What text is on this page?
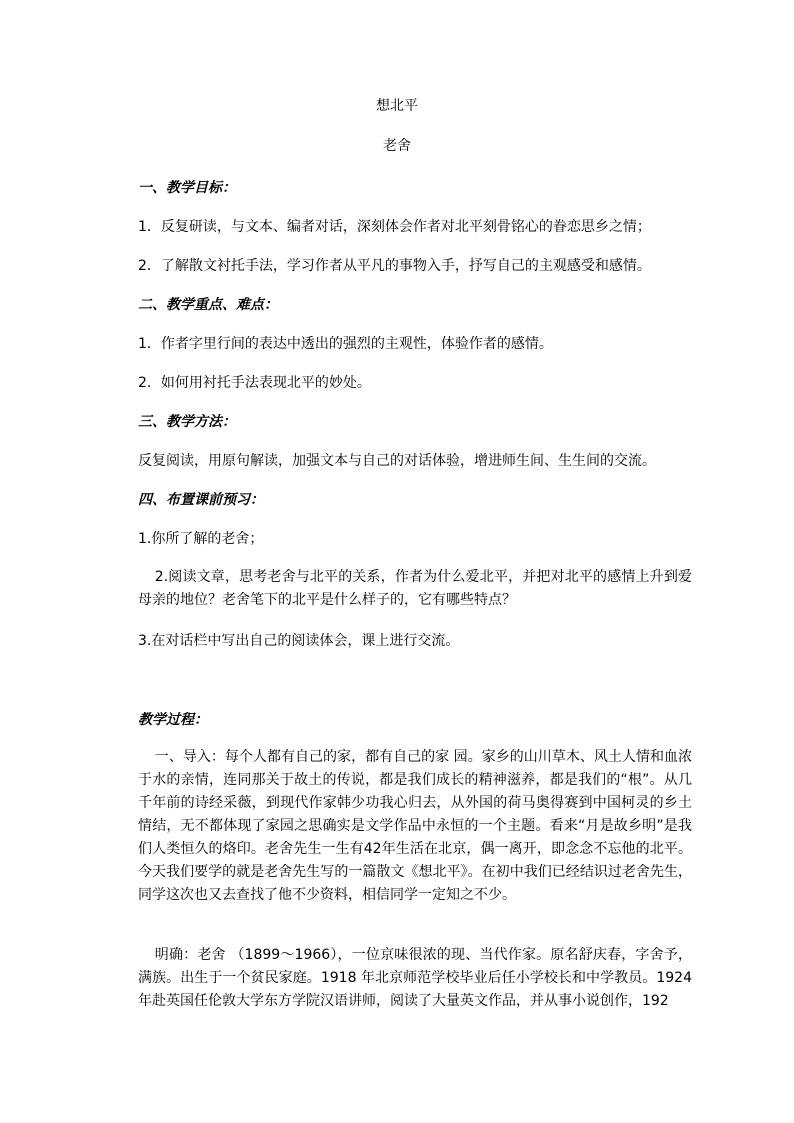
想北平
老舍
一、教学目标：
1．反复研读，与文本、编者对话，深刻体会作者对北平刻骨铭心的眷恋思乡之情；
2．了解散文衬托手法，学习作者从平凡的事物入手，抒写自己的主观感受和感情。
二、教学重点、难点：
1．作者字里行间的表达中透出的强烈的主观性，体验作者的感情。
2．如何用衬托手法表现北平的妙处。
三、教学方法：
反复阅读，用原句解读，加强文本与自己的对话体验，增进师生间、生生间的交流。
四、布置课前预习：
1.你所了解的老舍；
2.阅读文章，思考老舍与北平的关系，作者为什么爱北平，并把对北平的感情上升到爱母亲的地位？老舍笔下的北平是什么样子的，它有哪些特点？
3.在对话栏中写出自己的阅读体会，课上进行交流。
教学过程：
一、导入：每个人都有自己的家，都有自己的家 园。家乡的山川草木、风土人情和血浓于水的亲情，连同那关于故土的传说，都是我们成长的精神滋养，都是我们的“根”。从几千年前的诗经采薇，到现代作家韩少功我心归去，从外国的荷马奥得赛到中国柯灵的乡土情结，无不都体现了家园之思确实是文学作品中永恒的一个主题。看来“月是故乡明”是我们人类恒久的烙印。老舍先生一生有42年生活在北京，偶一离开，即念念不忘他的北平。 今天我们要学的就是老舍先生写的一篇散文《想北平》。在初中我们已经结识过老舍先生，同学这次也又去查找了他不少资料，相信同学一定知之不少。
明确：老舍 （1899～1966），一位京味很浓的现、当代作家。原名舒庆春，字舍予，满族。出生于一个贫民家庭。1918 年北京师范学校毕业后任小学校长和中学教员。1924年赴英国任伦敦大学东方学院汉语讲师，阅读了大量英文作品，并从事小说创作，192
